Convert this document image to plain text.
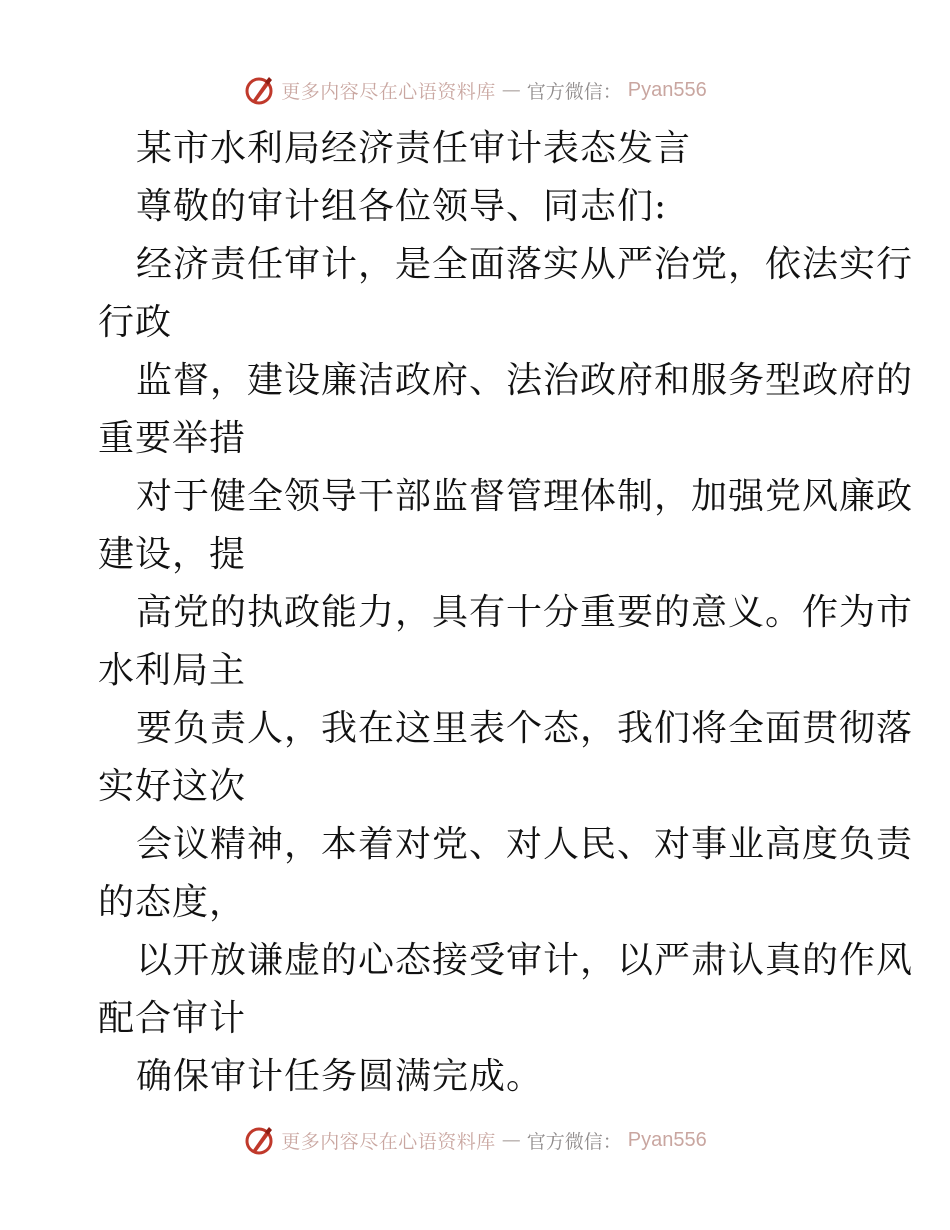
更多内容尽在心语资料库 — 官方微信： Pyan556
某市水利局经济责任审计表态发言
尊敬的审计组各位领导、同志们:
经济责任审计，是全面落实从严治党，依法实行
行政
监督，建设廉洁政府、法治政府和服务型政府的
重要举措
对于健全领导干部监督管理体制，加强党风廉政
建设，提
高党的执政能力，具有十分重要的意义。作为市
水利局主
要负责人，我在这里表个态，我们将全面贯彻落
实好这次
会议精神，本着对党、对人民、对事业高度负责
的态度，
以开放谦虚的心态接受审计，以严肃认真的作风
配合审计
确保审计任务圆满完成。
更多内容尽在心语资料库 — 官方微信： Pyan556
